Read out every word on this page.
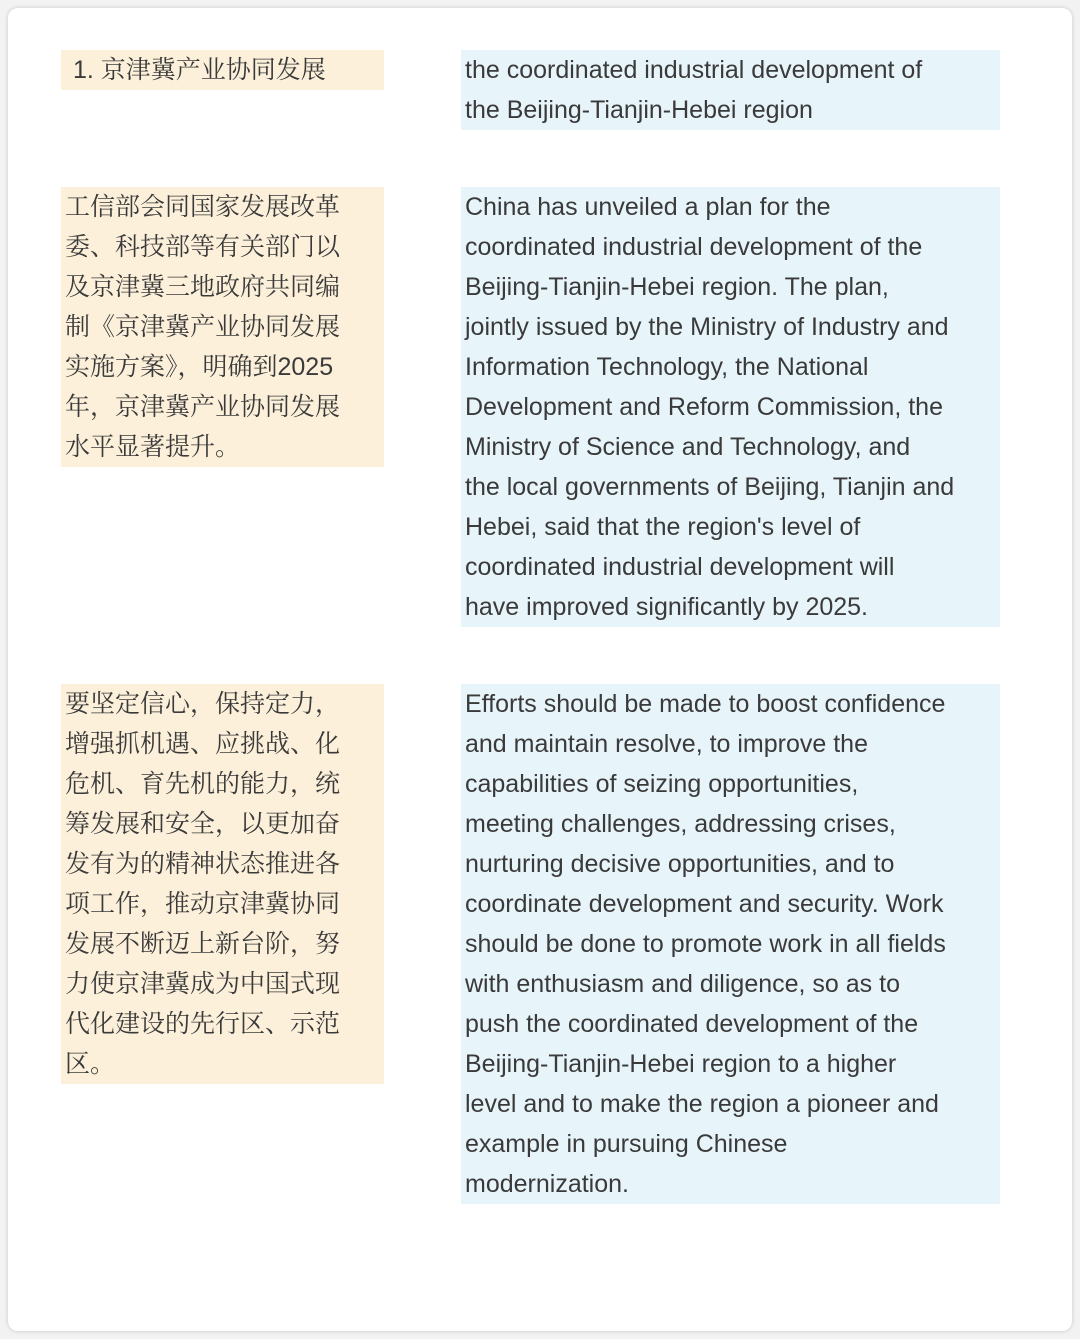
1. 京津冀产业协同发展	the coordinated industrial development of
the Beijing-Tianjin-Hebei region
工信部会同国家发展改革
委、科技部等有关部门以
及京津冀三地政府共同编
制《京津冀产业协同发展
实施方案》，明确到2025
年，京津冀产业协同发展
水平显著提升。
China has unveiled a plan for the
coordinated industrial development of the
Beijing-Tianjin-Hebei region. The plan,
jointly issued by the Ministry of Industry and
Information Technology, the National
Development and Reform Commission, the
Ministry of Science and Technology, and
the local governments of Beijing, Tianjin and
Hebei, said that the region's level of
coordinated industrial development will
have improved significantly by 2025.
要坚定信心，保持定力，
增强抓机遇、应挑战、化
危机、育先机的能力，统
筹发展和安全，以更加奋
发有为的精神状态推进各
项工作，推动京津冀协同
发展不断迈上新台阶，努
力使京津冀成为中国式现
代化建设的先行区、示范
区。
Efforts should be made to boost confidence
and maintain resolve, to improve the
capabilities of seizing opportunities,
meeting challenges, addressing crises,
nurturing decisive opportunities, and to
coordinate development and security. Work
should be done to promote work in all fields
with enthusiasm and diligence, so as to
push the coordinated development of the
Beijing-Tianjin-Hebei region to a higher
level and to make the region a pioneer and
example in pursuing Chinese
modernization.
